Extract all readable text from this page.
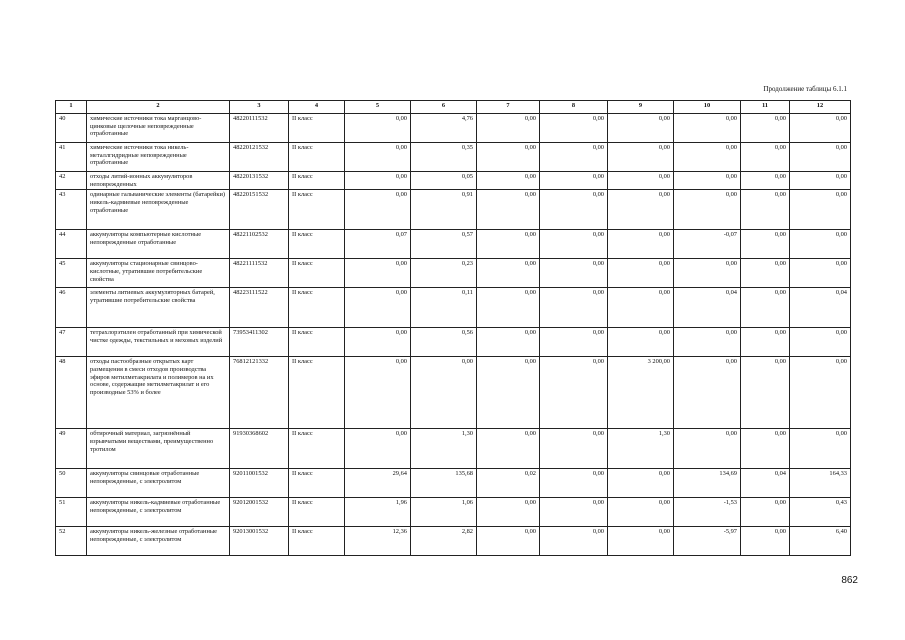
Продолжение таблицы 6.1.1
1	2	3	4	5	6	7	8	9	10	11	12
40	химические источники тока марганцово-цинковые щелочные неповрежденные отработанные	48220111532	II класс	0,00	4,76	0,00	0,00	0,00	0,00	0,00	0,00
41	химические источники тока никель-металлгидридные неповрежденные отработанные	48220121532	II класс	0,00	0,35	0,00	0,00	0,00	0,00	0,00	0,00
42	отходы литий-ионных аккумуляторов неповрежденных	48220131532	II класс	0,00	0,05	0,00	0,00	0,00	0,00	0,00	0,00
43	одинарные гальванические элементы (батарейки) никель-кадмиевые неповрежденные отработанные	48220151532	II класс	0,00	0,91	0,00	0,00	0,00	0,00	0,00	0,00
44	аккумуляторы компьютерные кислотные неповрежденные отработанные	48221102532	II класс	0,07	0,57	0,00	0,00	0,00	-0,07	0,00	0,00
45	аккумуляторы стационарные свинцово-кислотные, утратившие потребительские свойства	48221111532	II класс	0,00	0,23	0,00	0,00	0,00	0,00	0,00	0,00
46	элементы литиевых аккумуляторных батарей, утратившие потребительские свойства	48223111522	II класс	0,00	0,11	0,00	0,00	0,00	0,04	0,00	0,04
47	тетрахлорэтилен отработанный при химической чистке одежды, текстильных и меховых изделий	73953411302	II класс	0,00	0,56	0,00	0,00	0,00	0,00	0,00	0,00
48	отходы пастообразные открытых карт размещения в смеси отходов производства эфиров метилметакрилата и полимеров на их основе, содержащие метилметакрилат и его производные 53% и более	76812121332	II класс	0,00	0,00	0,00	0,00	3 200,00	0,00	0,00	0,00
49	обтирочный материал, загрязнённый взрывчатыми веществами, преимущественно тротилом	91930368602	II класс	0,00	1,30	0,00	0,00	1,30	0,00	0,00	0,00
50	аккумуляторы свинцовые отработанные неповрежденные, с электролитом	92011001532	II класс	29,64	135,68	0,02	0,00	0,00	134,69	0,04	164,33
51	аккумуляторы никель-кадмиевые отработанные неповрежденные, с электролитом	92012001532	II класс	1,96	1,06	0,00	0,00	0,00	-1,53	0,00	0,43
52	аккумуляторы никель-железные отработанные неповрежденные, с электролитом	92013001532	II класс	12,36	2,82	0,00	0,00	0,00	-5,97	0,00	6,40
862
